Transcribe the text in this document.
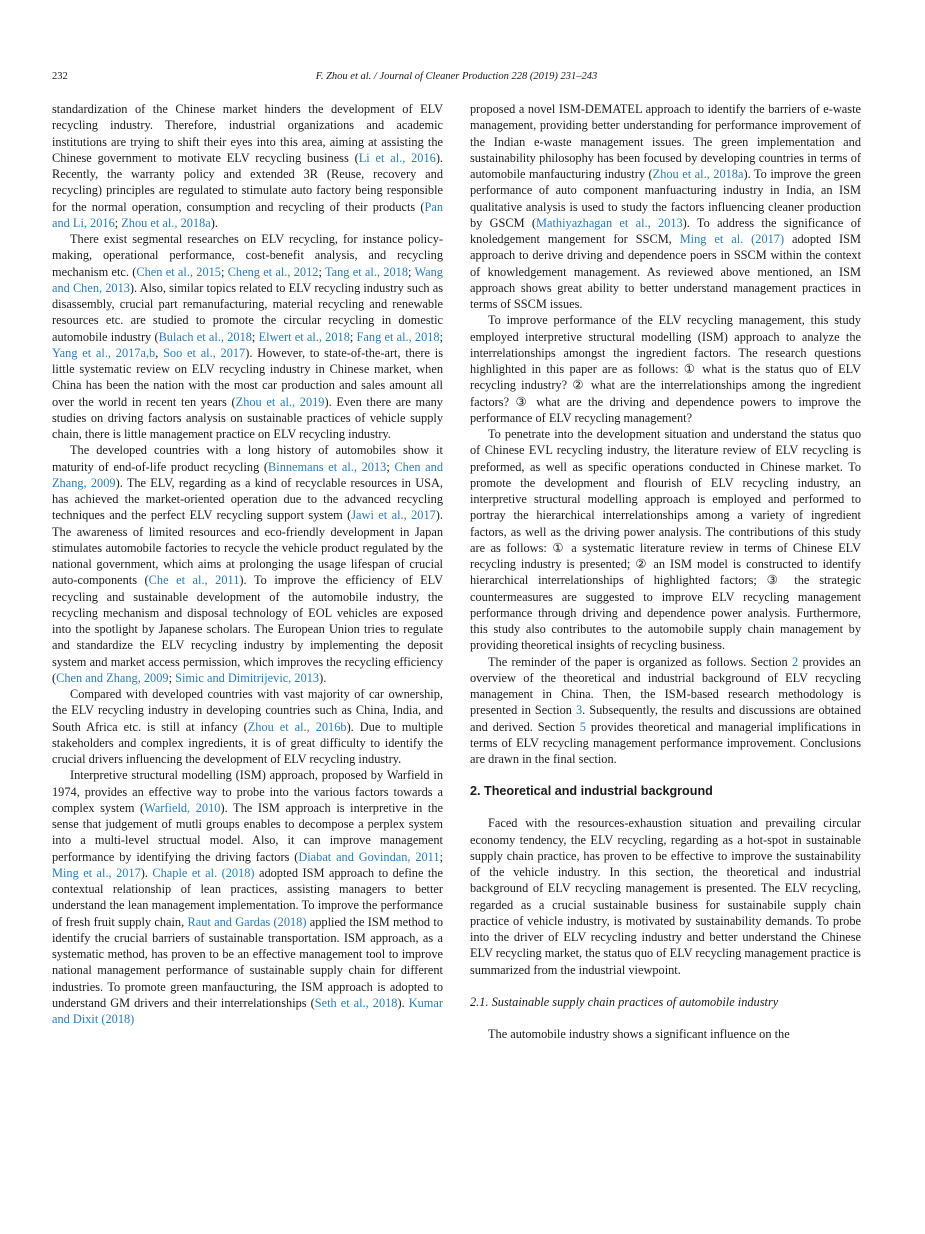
232	F. Zhou et al. / Journal of Cleaner Production 228 (2019) 231–243

standardization of the Chinese market hinders the development of ELV recycling industry. Therefore, industrial organizations and academic institutions are trying to shift their eyes into this area, aiming at assisting the Chinese government to motivate ELV recycling business (Li et al., 2016). Recently, the warranty policy and extended 3R (Reuse, recovery and recycling) principles are regulated to stimulate auto factory being responsible for the normal operation, consumption and recycling of their products (Pan and Li, 2016; Zhou et al., 2018a).

There exist segmental researches on ELV recycling, for instance policy-making, operational performance, cost-benefit analysis, and recycling mechanism etc. (Chen et al., 2015; Cheng et al., 2012; Tang et al., 2018; Wang and Chen, 2013). Also, similar topics related to ELV recycling industry such as disassembly, crucial part remanufacturing, material recycling and renewable resources etc. are studied to promote the circular recycling in domestic automobile industry (Bulach et al., 2018; Elwert et al., 2018; Fang et al., 2018; Yang et al., 2017a,b, Soo et al., 2017). However, to state-of-the-art, there is little systematic review on ELV recycling industry in Chinese market, when China has been the nation with the most car production and sales amount all over the world in recent ten years (Zhou et al., 2019). Even there are many studies on driving factors analysis on sustainable practices of vehicle supply chain, there is little management practice on ELV recycling industry.

The developed countries with a long history of automobiles show it maturity of end-of-life product recycling (Binnemans et al., 2013; Chen and Zhang, 2009). The ELV, regarding as a kind of recyclable resources in USA, has achieved the market-oriented operation due to the advanced recycling techniques and the perfect ELV recycling support system (Jawi et al., 2017). The awareness of limited resources and eco-friendly development in Japan stimulates automobile factories to recycle the vehicle product regulated by the national government, which aims at prolonging the usage lifespan of crucial auto-components (Che et al., 2011). To improve the efficiency of ELV recycling and sustainable development of the automobile industry, the recycling mechanism and disposal technology of EOL vehicles are exposed into the spotlight by Japanese scholars. The European Union tries to regulate and standardize the ELV recycling industry by implementing the deposit system and market access permission, which improves the recycling efficiency (Chen and Zhang, 2009; Simic and Dimitrijevic, 2013).

Compared with developed countries with vast majority of car ownership, the ELV recycling industry in developing countries such as China, India, and South Africa etc. is still at infancy (Zhou et al., 2016b). Due to multiple stakeholders and complex ingredients, it is of great difficulty to identify the crucial drivers influencing the development of ELV recycling industry.

Interpretive structural modelling (ISM) approach, proposed by Warfield in 1974, provides an effective way to probe into the various factors towards a complex system (Warfield, 2010). The ISM approach is interpretive in the sense that judgement of mutli groups enables to decompose a perplex system into a multi-level structual model. Also, it can improve management performance by identifying the driving factors (Diabat and Govindan, 2011; Ming et al., 2017). Chaple et al. (2018) adopted ISM approach to define the contextual relationship of lean practices, assisting managers to better understand the lean management implementation. To improve the performance of fresh fruit supply chain, Raut and Gardas (2018) applied the ISM method to identify the crucial barriers of sustainable transportation. ISM approach, as a systematic method, has proven to be an effective management tool to improve national management performance of sustainable supply chain for different industries. To promote green manfaucturing, the ISM approach is adopted to understand GM drivers and their interrelationships (Seth et al., 2018). Kumar and Dixit (2018)

proposed a novel ISM-DEMATEL approach to identify the barriers of e-waste management, providing better understanding for performance improvement of the Indian e-waste management issues. The green implementation and sustainability philosophy has been focused by developing countries in terms of automobile manfaucturing industry (Zhou et al., 2018a). To improve the green performance of auto component manfuacturing industry in India, an ISM qualitative analysis is used to study the factors influencing cleaner production by GSCM (Mathiyazhagan et al., 2013). To address the significance of knoledgement mangement for SSCM, Ming et al. (2017) adopted ISM approach to derive driving and dependence poers in SSCM within the context of knowledgement management. As reviewed above mentioned, an ISM approach shows great ability to better understand management practices in terms of SSCM issues.

To improve performance of the ELV recycling management, this study employed interpretive structural modelling (ISM) approach to analyze the interrelationships amongst the ingredient factors. The research questions highlighted in this paper are as follows: ① what is the status quo of ELV recycling industry? ② what are the interrelationships among the ingredient factors? ③ what are the driving and dependence powers to improve the performance of ELV recycling management?

To penetrate into the development situation and understand the status quo of Chinese EVL recycling industry, the literature review of ELV recycling is preformed, as well as specific operations conducted in Chinese market. To promote the development and flourish of ELV recycling industry, an interpretive structural modelling approach is employed and performed to portray the hierarchical interrelationships among a variety of ingredient factors, as well as the driving power analysis. The contributions of this study are as follows: ① a systematic literature review in terms of Chinese ELV recycling industry is presented; ② an ISM model is constructed to identify hierarchical interrelationships of highlighted factors; ③ the strategic countermeasures are suggested to improve ELV recycling management performance through driving and dependence power analysis. Furthermore, this study also contributes to the automobile supply chain management by providing theoretical insights of recycling business.

The reminder of the paper is organized as follows. Section 2 provides an overview of the theoretical and industrial background of ELV recycling management in China. Then, the ISM-based research methodology is presented in Section 3. Subsequently, the results and discussions are obtained and derived. Section 5 provides theoretical and managerial implifications in terms of ELV recycling management performance improvement. Conclusions are drawn in the final section.

2. Theoretical and industrial background

Faced with the resources-exhaustion situation and prevailing circular economy tendency, the ELV recycling, regarding as a hot-spot in sustainable supply chain practice, has proven to be effective to improve the sustainability of the vehicle industry. In this section, the theoretical and industrial background of ELV recycling management is presented. The ELV recycling, regarded as a crucial sustainable business for sustainabile supply chain practice of vehicle industry, is motivated by sustainability demands. To probe into the driver of ELV recycling industry and better understand the Chinese ELV recycling market, the status quo of ELV recycling management practice is summarized from the industrial viewpoint.

2.1. Sustainable supply chain practices of automobile industry

The automobile industry shows a significant influence on the
